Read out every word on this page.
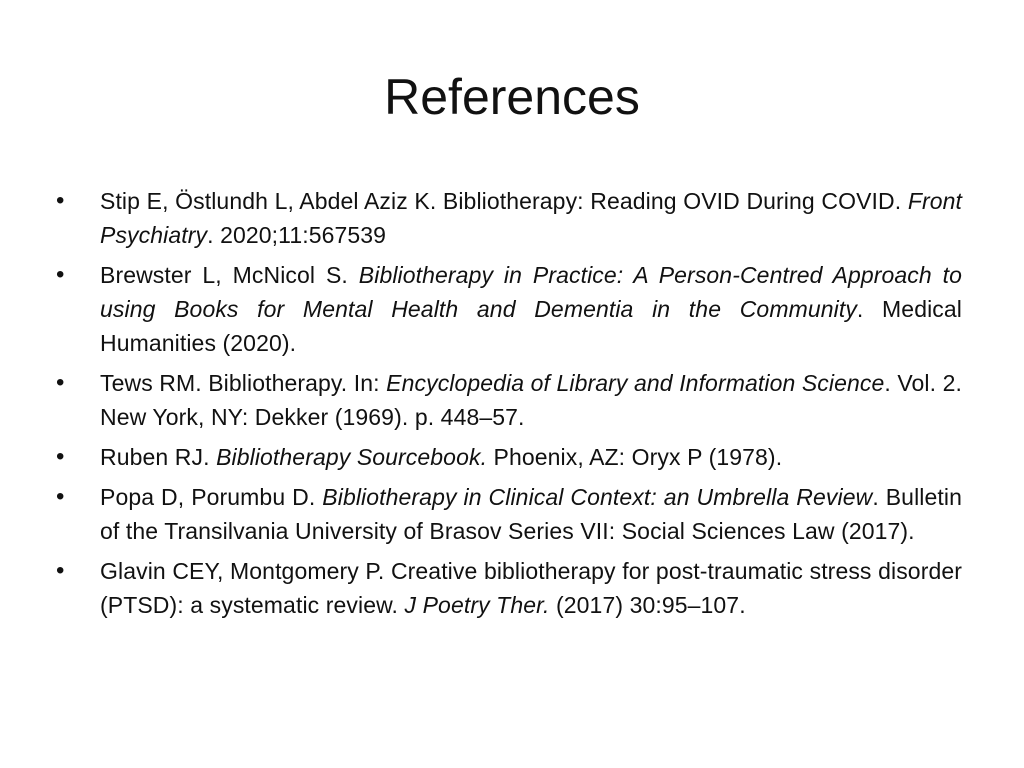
References
•	Stip E, Östlundh L, Abdel Aziz K. Bibliotherapy: Reading OVID During COVID. Front Psychiatry. 2020;11:567539
•	Brewster L, McNicol S. Bibliotherapy in Practice: A Person-Centred Approach to using Books for Mental Health and Dementia in the Community. Medical Humanities (2020).
•	Tews RM. Bibliotherapy. In: Encyclopedia of Library and Information Science. Vol. 2. New York, NY: Dekker (1969). p. 448–57.
•	Ruben RJ. Bibliotherapy Sourcebook. Phoenix, AZ: Oryx P (1978).
•	Popa D, Porumbu D. Bibliotherapy in Clinical Context: an Umbrella Review. Bulletin of the Transilvania University of Brasov Series VII: Social Sciences Law (2017).
•	Glavin CEY, Montgomery P. Creative bibliotherapy for post-traumatic stress disorder (PTSD): a systematic review. J Poetry Ther. (2017) 30:95–107.
